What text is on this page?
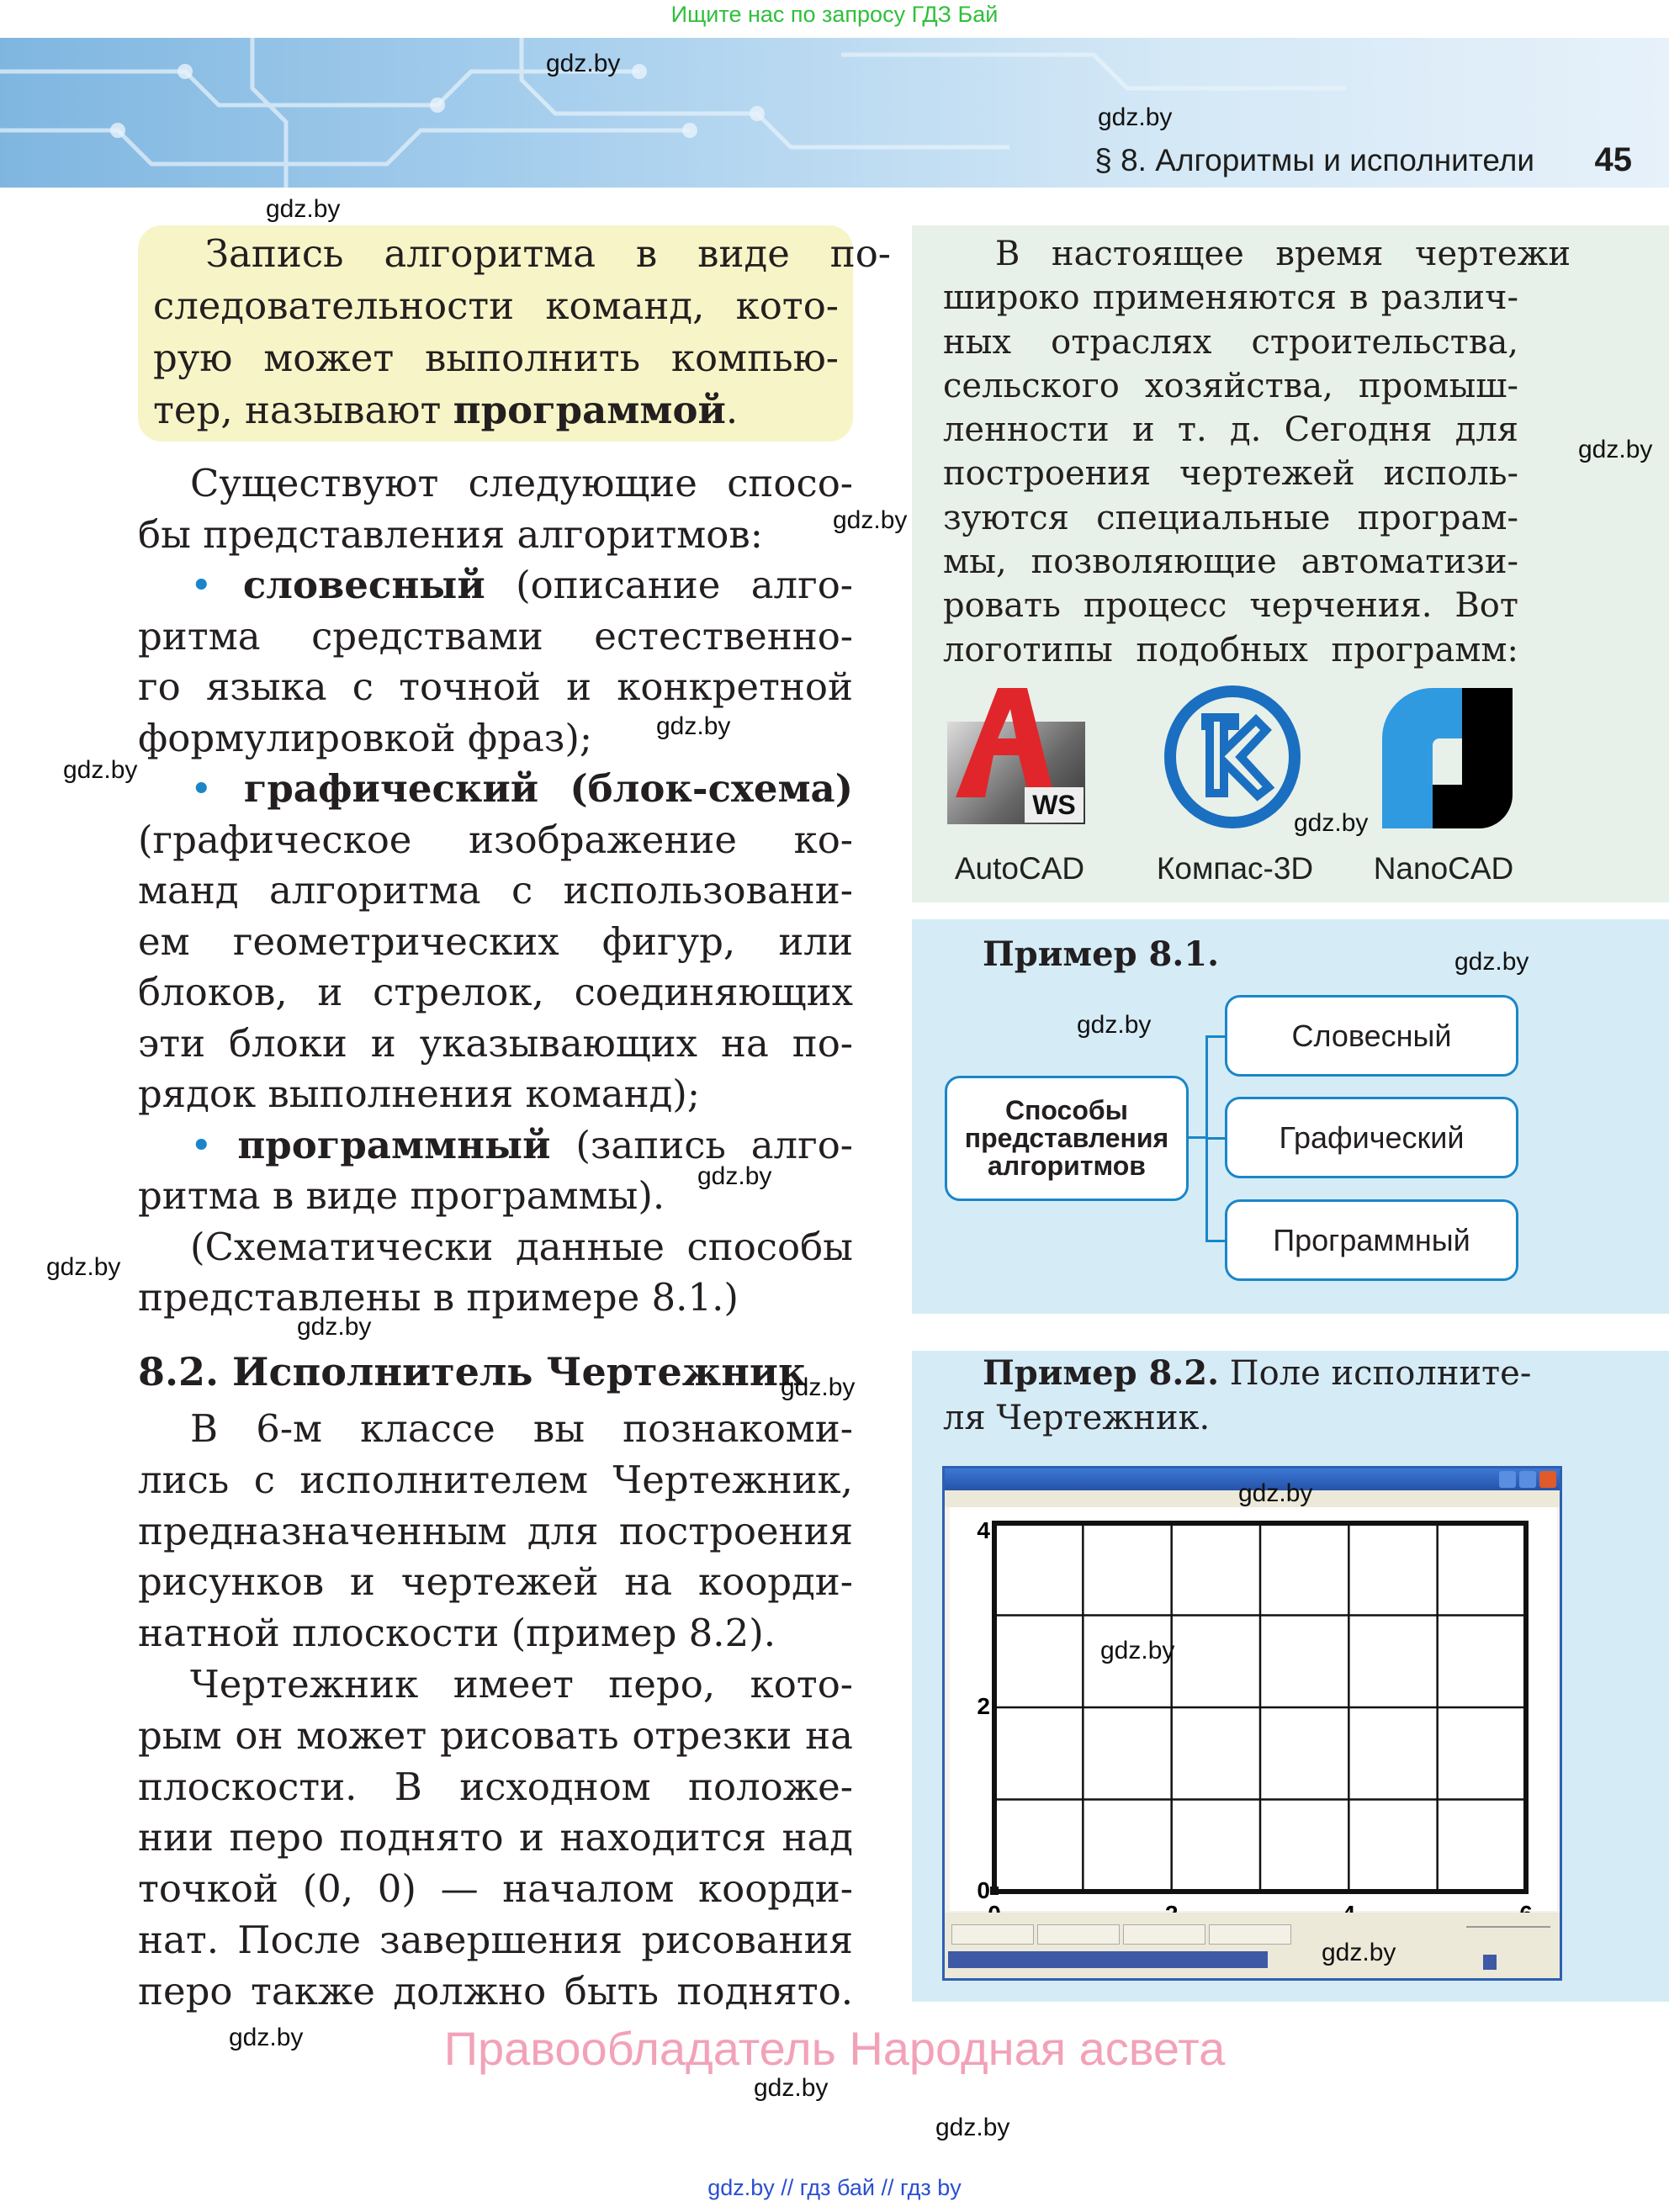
Ищите нас по запросу ГДЗ Бай
§ 8. Алгоритмы и исполнители 45
Запись алгоритма в виде по-
следовательности команд, кото-
рую может выполнить компью-
тер, называют программой.
Существуют следующие спосо-
бы представления алгоритмов:
• словесный (описание алго-
ритма средствами естественно-
го языка с точной и конкретной
формулировкой фраз);
• графический (блок-схема)
(графическое изображение ко-
манд алгоритма с использовани-
ем геометрических фигур, или
блоков, и стрелок, соединяющих
эти блоки и указывающих на по-
рядок выполнения команд);
• программный (запись алго-
ритма в виде программы).
(Схематически данные способы
представлены в примере 8.1.)
8.2. Исполнитель Чертежник
В 6-м классе вы познакоми-
лись с исполнителем Чертежник,
предназначенным для построения
рисунков и чертежей на коорди-
натной плоскости (пример 8.2).
Чертежник имеет перо, кото-
рым он может рисовать отрезки на
плоскости. В исходном положе-
нии перо поднято и находится над
точкой (0, 0) — началом коорди-
нат. После завершения рисования
перо также должно быть поднято.
В настоящее время чертежи
широко применяются в различ-
ных отраслях строительства,
сельского хозяйства, промыш-
ленности и т. д. Сегодня для
построения чертежей исполь-
зуются специальные програм-
мы, позволяющие автоматизи-
ровать процесс черчения. Вот
логотипы подобных программ:
WS
AutoCAD	Компас-3D	NanoCAD
Пример 8.1.
Способы
представления
алгоритмов
Словесный
Графический
Программный
Пример 8.2. Поле исполните-
ля Чертежник.
0
2
4
gdz.by
gdz.by
gdz.by
gdz.by
gdz.by
gdz.by
gdz.by
gdz.by
gdz.by
gdz.by
gdz.by
gdz.by
gdz.by
gdz.by
gdz.by
gdz.by
gdz.by
gdz.by
gdz.by
gdz.by
Правообладатель Народная асвета
gdz.by // гдз бай // гдз by
